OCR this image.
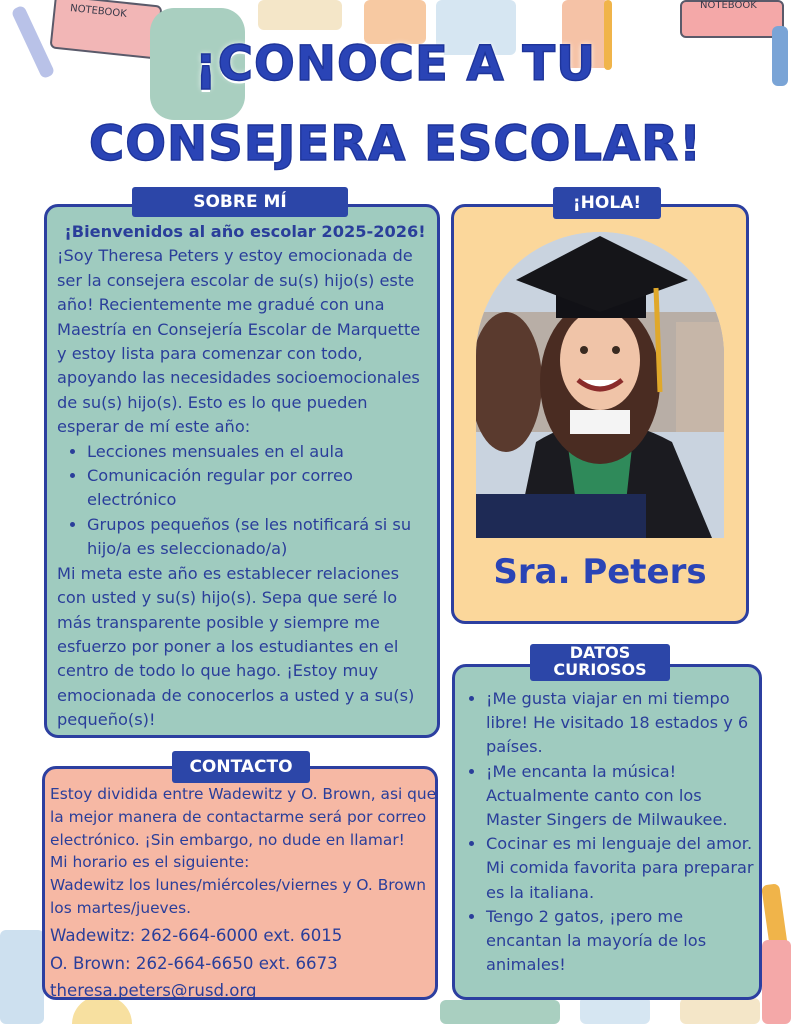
NOTEBOOK	NOTEBOOK
¡CONOCE A TU
CONSEJERA ESCOLAR!
SOBRE MÍ
¡Bienvenidos al año escolar 2025-2026!
¡Soy Theresa Peters y estoy emocionada de ser la consejera escolar de su(s) hijo(s) este año! Recientemente me gradué con una Maestría en Consejería Escolar de Marquette y estoy lista para comenzar con todo, apoyando las necesidades socioemocionales de su(s) hijo(s). Esto es lo que pueden esperar de mí este año:
• Lecciones mensuales en el aula
• Comunicación regular por correo electrónico
• Grupos pequeños (se les notificará si su hijo/a es seleccionado/a)
Mi meta este año es establecer relaciones con usted y su(s) hijo(s). Sepa que seré lo más transparente posible y siempre me esfuerzo por poner a los estudiantes en el centro de todo lo que hago. ¡Estoy muy emocionada de conocerlos a usted y a su(s) pequeño(s)!
¡HOLA!
Sra. Peters
CONTACTO
Estoy dividida entre Wadewitz y O. Brown, asi que la mejor manera de contactarme será por correo electrónico. ¡Sin embargo, no dude en llamar!
Mi horario es el siguiente:
Wadewitz los lunes/miércoles/viernes y O. Brown los martes/jueves.
Wadewitz: 262-664-6000 ext. 6015
O. Brown: 262-664-6650 ext. 6673
theresa.peters@rusd.org
DATOS
CURIOSOS
• ¡Me gusta viajar en mi tiempo libre! He visitado 18 estados y 6 países.
• ¡Me encanta la música! Actualmente canto con los Master Singers de Milwaukee.
• Cocinar es mi lenguaje del amor. Mi comida favorita para preparar es la italiana.
• Tengo 2 gatos, ¡pero me encantan la mayoría de los animales!
